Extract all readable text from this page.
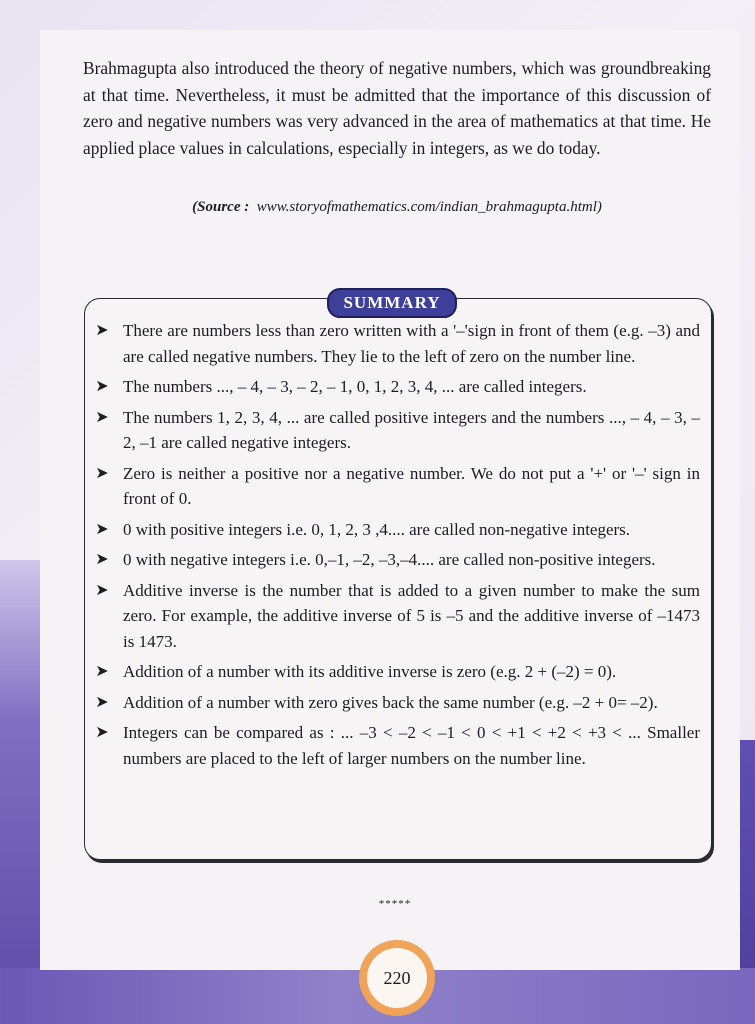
Brahmagupta also introduced the theory of negative numbers, which was groundbreaking at that time. Nevertheless, it must be admitted that the importance of this discussion of zero and negative numbers was very advanced in the area of mathematics at that time. He applied place values in calculations, especially in integers, as we do today.

(Source : www.storyofmathematics.com/indian_brahmagupta.html)
SUMMARY
➤ There are numbers less than zero written with a '–'sign in front of them (e.g. –3) and are called negative numbers. They lie to the left of zero on the number line.
➤ The numbers ..., – 4, – 3, – 2, – 1, 0, 1, 2, 3, 4, ... are called integers.
➤ The numbers 1, 2, 3, 4, ... are called positive integers and the numbers ..., – 4, – 3, – 2, –1 are called negative integers.
➤ Zero is neither a positive nor a negative number. We do not put a '+' or '–' sign in front of 0.
➤ 0 with positive integers i.e. 0, 1, 2, 3 ,4.... are called non-negative integers.
➤ 0 with negative integers i.e. 0,–1, –2, –3,–4.... are called non-positive integers.
➤ Additive inverse is the number that is added to a given number to make the sum zero. For example, the additive inverse of 5 is –5 and the additive inverse of –1473 is 1473.
➤ Addition of a number with its additive inverse is zero (e.g. 2 + (–2) = 0).
➤ Addition of a number with zero gives back the same number (e.g. –2 + 0= –2).
➤ Integers can be compared as : ... –3 < –2 < –1 < 0 < +1 < +2 < +3 < ... Smaller numbers are placed to the left of larger numbers on the number line.
*****
220
